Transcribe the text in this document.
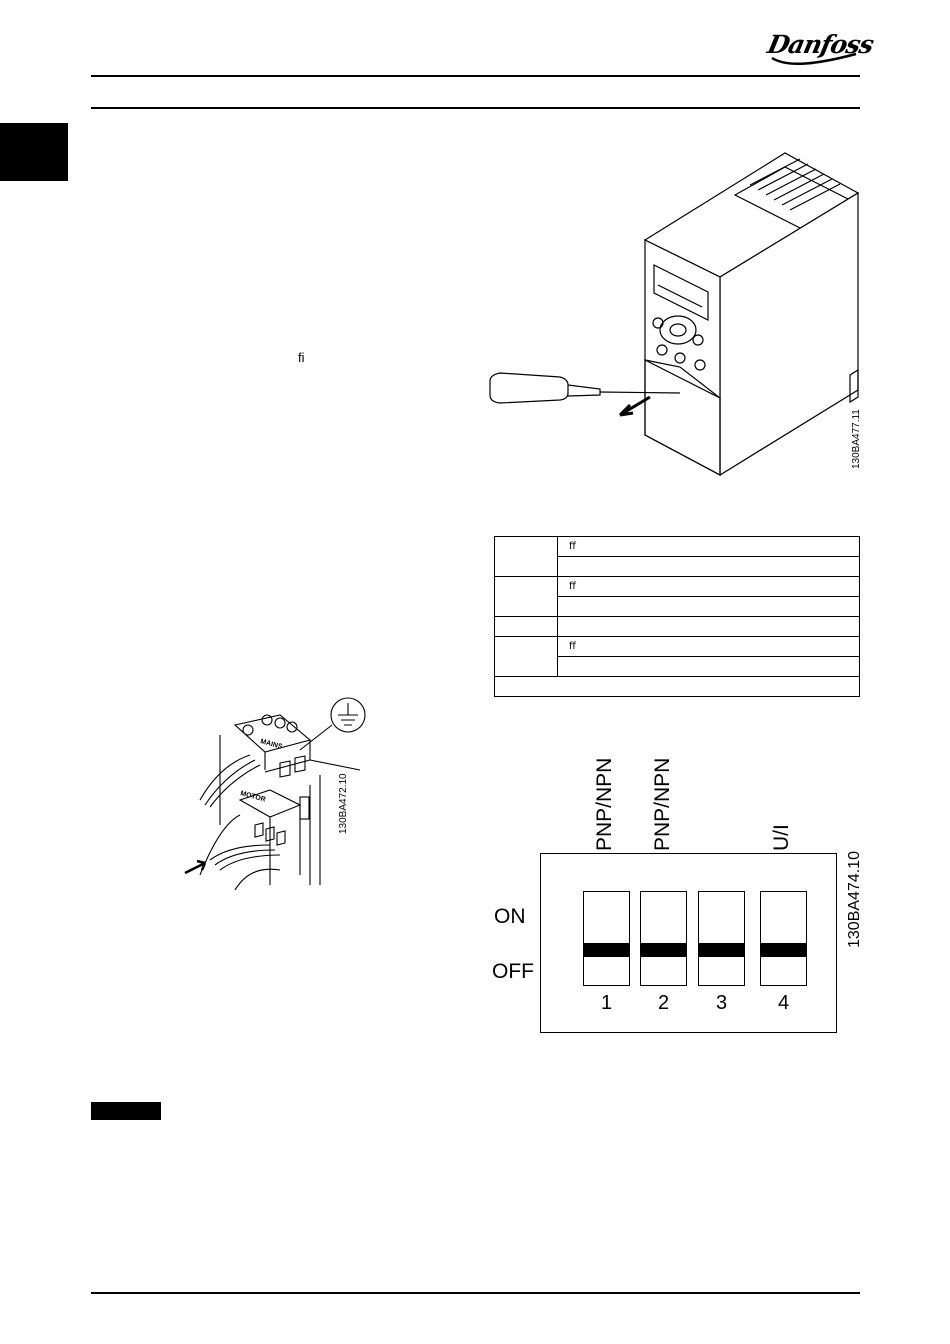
Danfoss
ﬁ
130BA477.11
	ﬀ

	ﬀ

	ﬀ

MAINS
MOTOR	130BA472.10	PNP/NPN PNP/NPN	U/I
ON
OFF
1	2	3	4
130BA474.10
